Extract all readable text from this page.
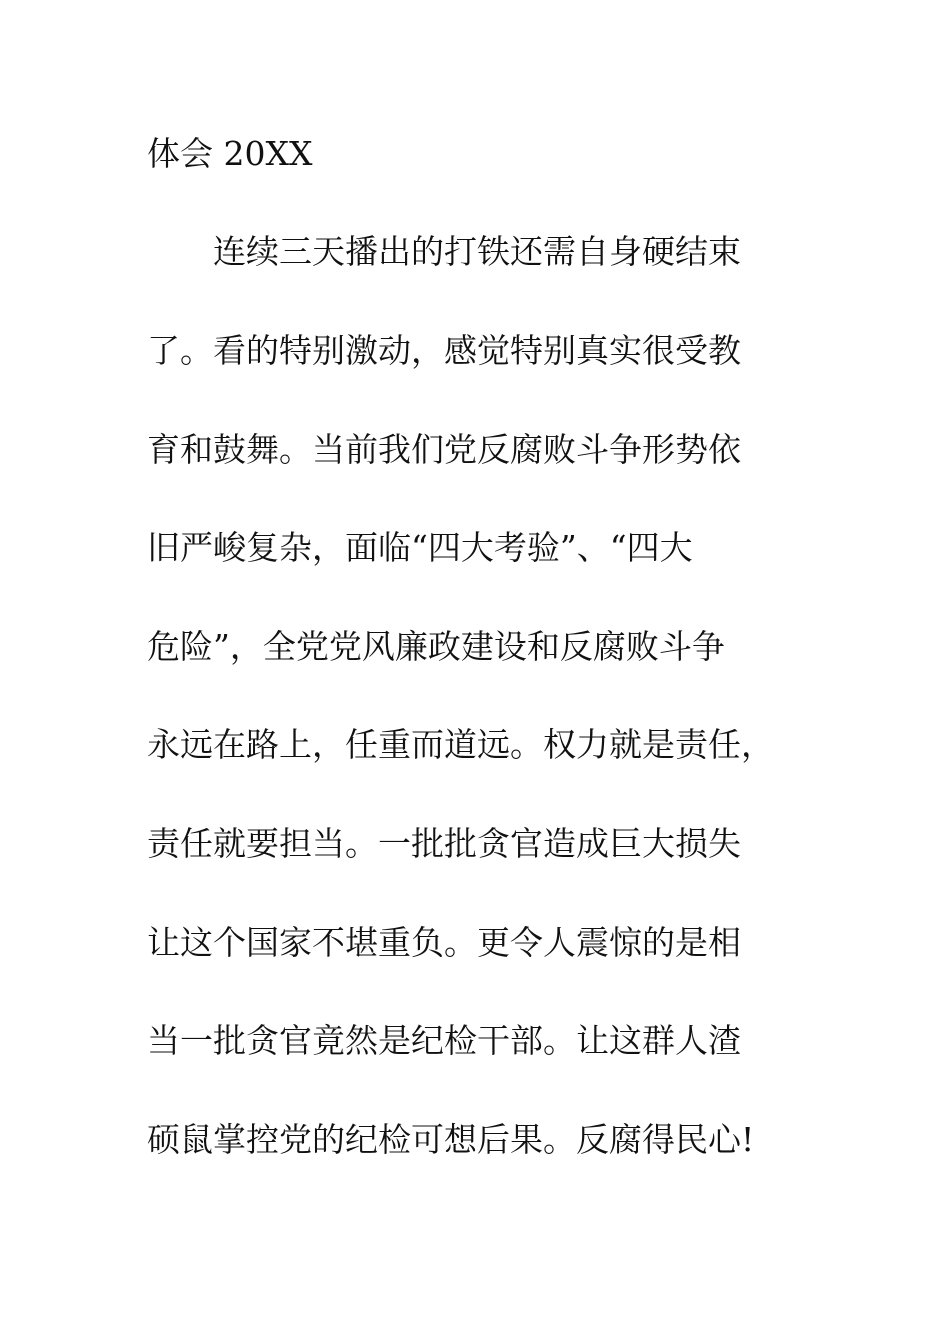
体会 20XX
连续三天播出的打铁还需自身硬结束
了。看的特别激动，感觉特别真实很受教
育和鼓舞。当前我们党反腐败斗争形势依
旧严峻复杂，面临“四大考验”、“四大
危险”，全党党风廉政建设和反腐败斗争
永远在路上，任重而道远。权力就是责任，
责任就要担当。一批批贪官造成巨大损失
让这个国家不堪重负。更令人震惊的是相
当一批贪官竟然是纪检干部。让这群人渣
硕鼠掌控党的纪检可想后果。反腐得民心!
